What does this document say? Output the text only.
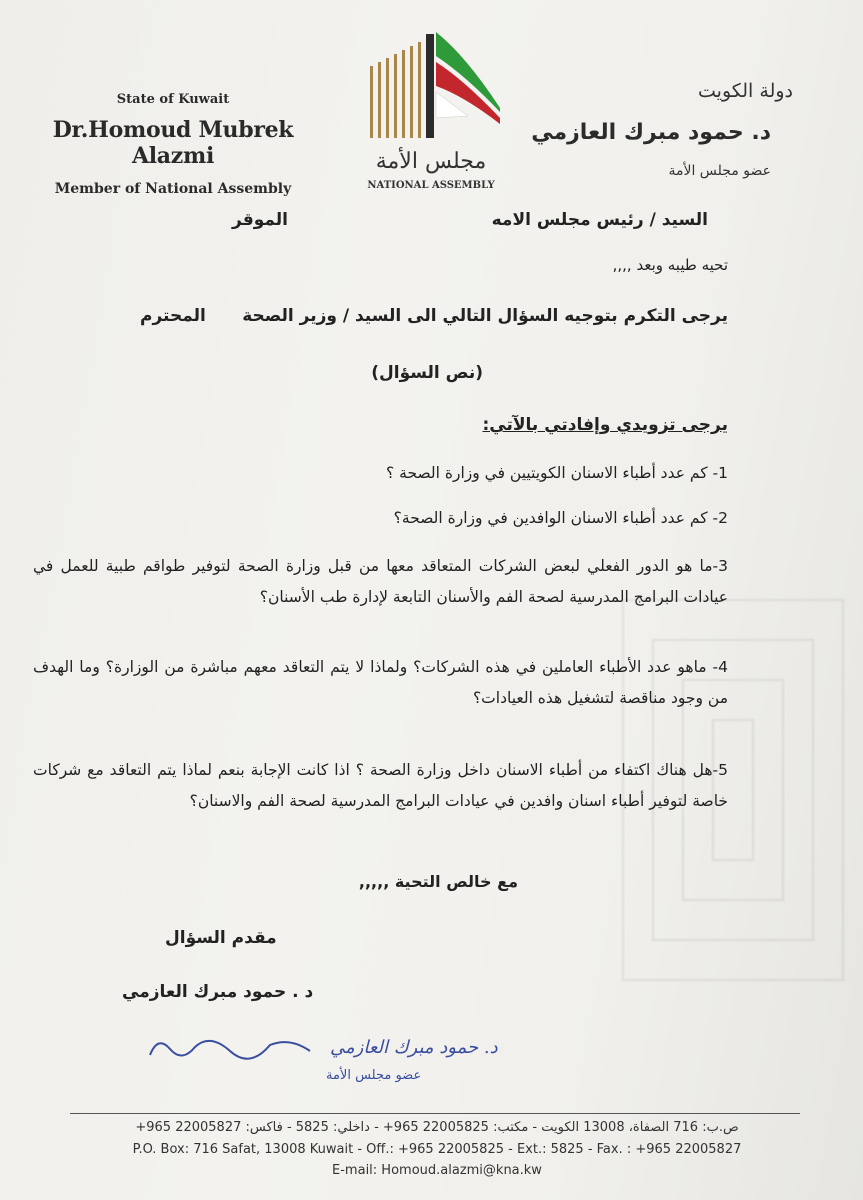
State of Kuwait
Dr.Homoud Mubrek Alazmi
Member of National Assembly
مجلس الأمة
NATIONAL ASSEMBLY
دولة الكويت
د. حمود مبرك العازمي
عضو مجلس الأمة
السيد / رئيس مجلس الامه
الموقر
تحيه طيبه وبعد ,,,,
يرجى التكرم بتوجيه السؤال التالي الى السيد / وزير الصحة
المحترم
(نص السؤال)
يرجى تزويدي وإفادتي بالآتي:
1- كم عدد أطباء الاسنان الكويتيين في وزارة الصحة ؟
2- كم عدد أطباء الاسنان الوافدين في وزارة الصحة؟
3-ما هو الدور الفعلي لبعض الشركات المتعاقد معها من قبل وزارة الصحة لتوفير طواقم طبية للعمل في عيادات البرامج المدرسية لصحة الفم والأسنان التابعة لإدارة طب الأسنان؟
4- ماهو عدد الأطباء العاملين في هذه الشركات؟ ولماذا لا يتم التعاقد معهم مباشرة من الوزارة؟ وما الهدف من وجود مناقصة لتشغيل هذه العيادات؟
5-هل هناك اكتفاء من أطباء الاسنان داخل وزارة الصحة ؟ اذا كانت الإجابة بنعم لماذا يتم التعاقد مع شركات خاصة لتوفير أطباء اسنان وافدين في عيادات البرامج المدرسية لصحة الفم والاسنان؟
مع خالص التحية ,,,,,
مقدم السؤال
د . حمود مبرك العازمي
د. حمود مبرك العازمي
عضو مجلس الأمة
ص.ب: 716 الصفاة، 13008 الكويت - مكتب: 22005825 965+ - داخلي: 5825 - فاكس: 22005827 965+
P.O. Box: 716 Safat, 13008 Kuwait - Off.: +965 22005825 - Ext.: 5825 - Fax. : +965 22005827
E-mail: Homoud.alazmi@kna.kw
